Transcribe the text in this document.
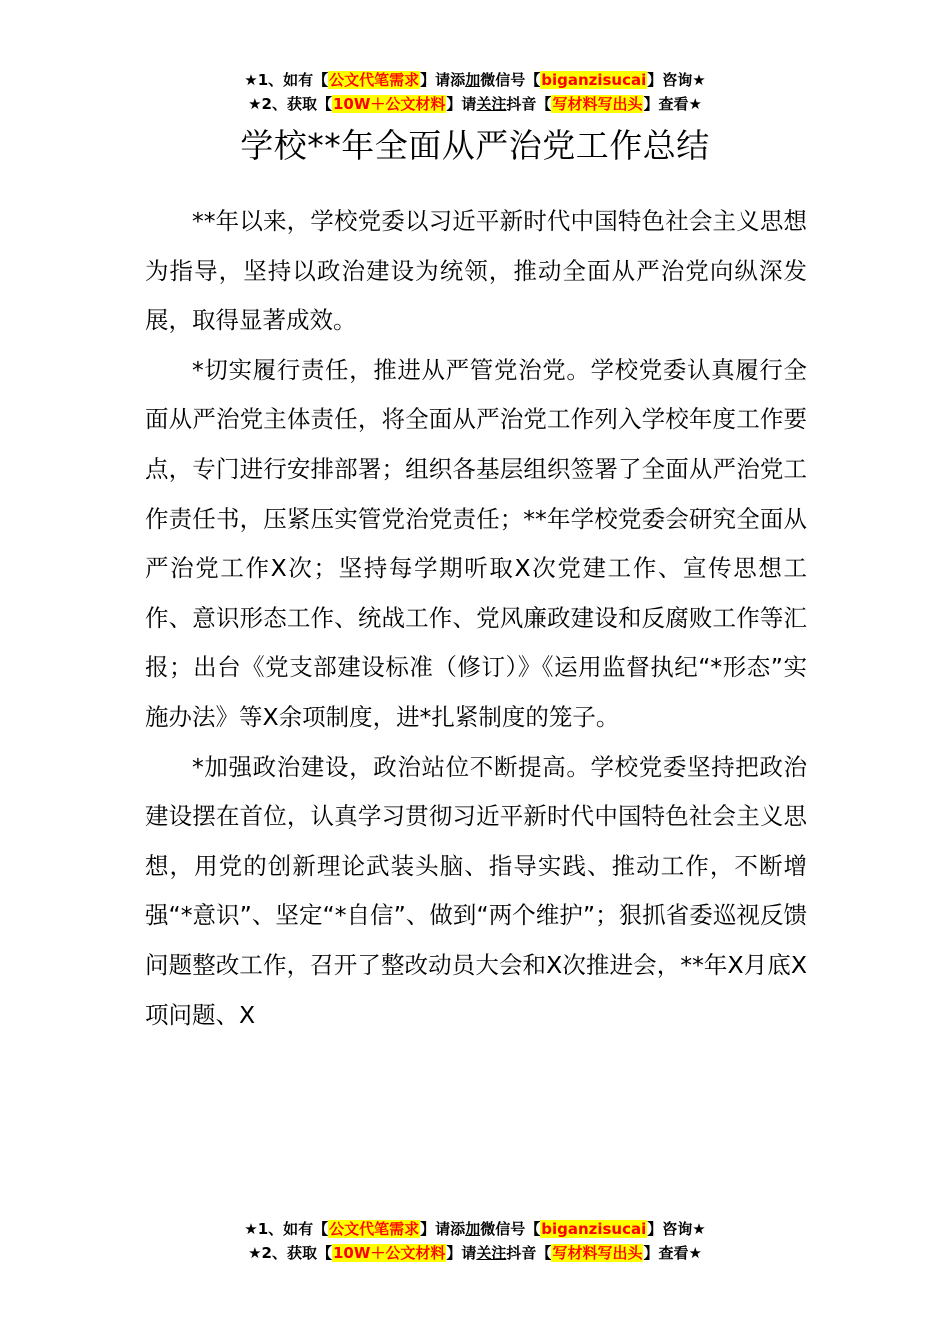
★1、如有【公文代笔需求】请添加微信号【biganzisucai】咨询★
★2、获取【10W＋公文材料】请关注抖音【写材料写出头】查看★
学校**年全面从严治党工作总结

**年以来，学校党委以习近平新时代中国特色社会主义思想为指导，坚持以政治建设为统领，推动全面从严治党向纵深发展，取得显著成效。

*切实履行责任，推进从严管党治党。学校党委认真履行全面从严治党主体责任，将全面从严治党工作列入学校年度工作要点，专门进行安排部署；组织各基层组织签署了全面从严治党工作责任书，压紧压实管党治党责任；**年学校党委会研究全面从严治党工作X次；坚持每学期听取X次党建工作、宣传思想工作、意识形态工作、统战工作、党风廉政建设和反腐败工作等汇报；出台《党支部建设标准（修订）》《运用监督执纪“*形态”实施办法》等X余项制度，进*扎紧制度的笼子。

*加强政治建设，政治站位不断提高。学校党委坚持把政治建设摆在首位，认真学习贯彻习近平新时代中国特色社会主义思想，用党的创新理论武装头脑、指导实践、推动工作，不断增强“*意识”、坚定“*自信”、做到“两个维护”；狠抓省委巡视反馈问题整改工作，召开了整改动员大会和X次推进会，**年X月底X项问题、X

★1、如有【公文代笔需求】请添加微信号【biganzisucai】咨询★
★2、获取【10W＋公文材料】请关注抖音【写材料写出头】查看★
